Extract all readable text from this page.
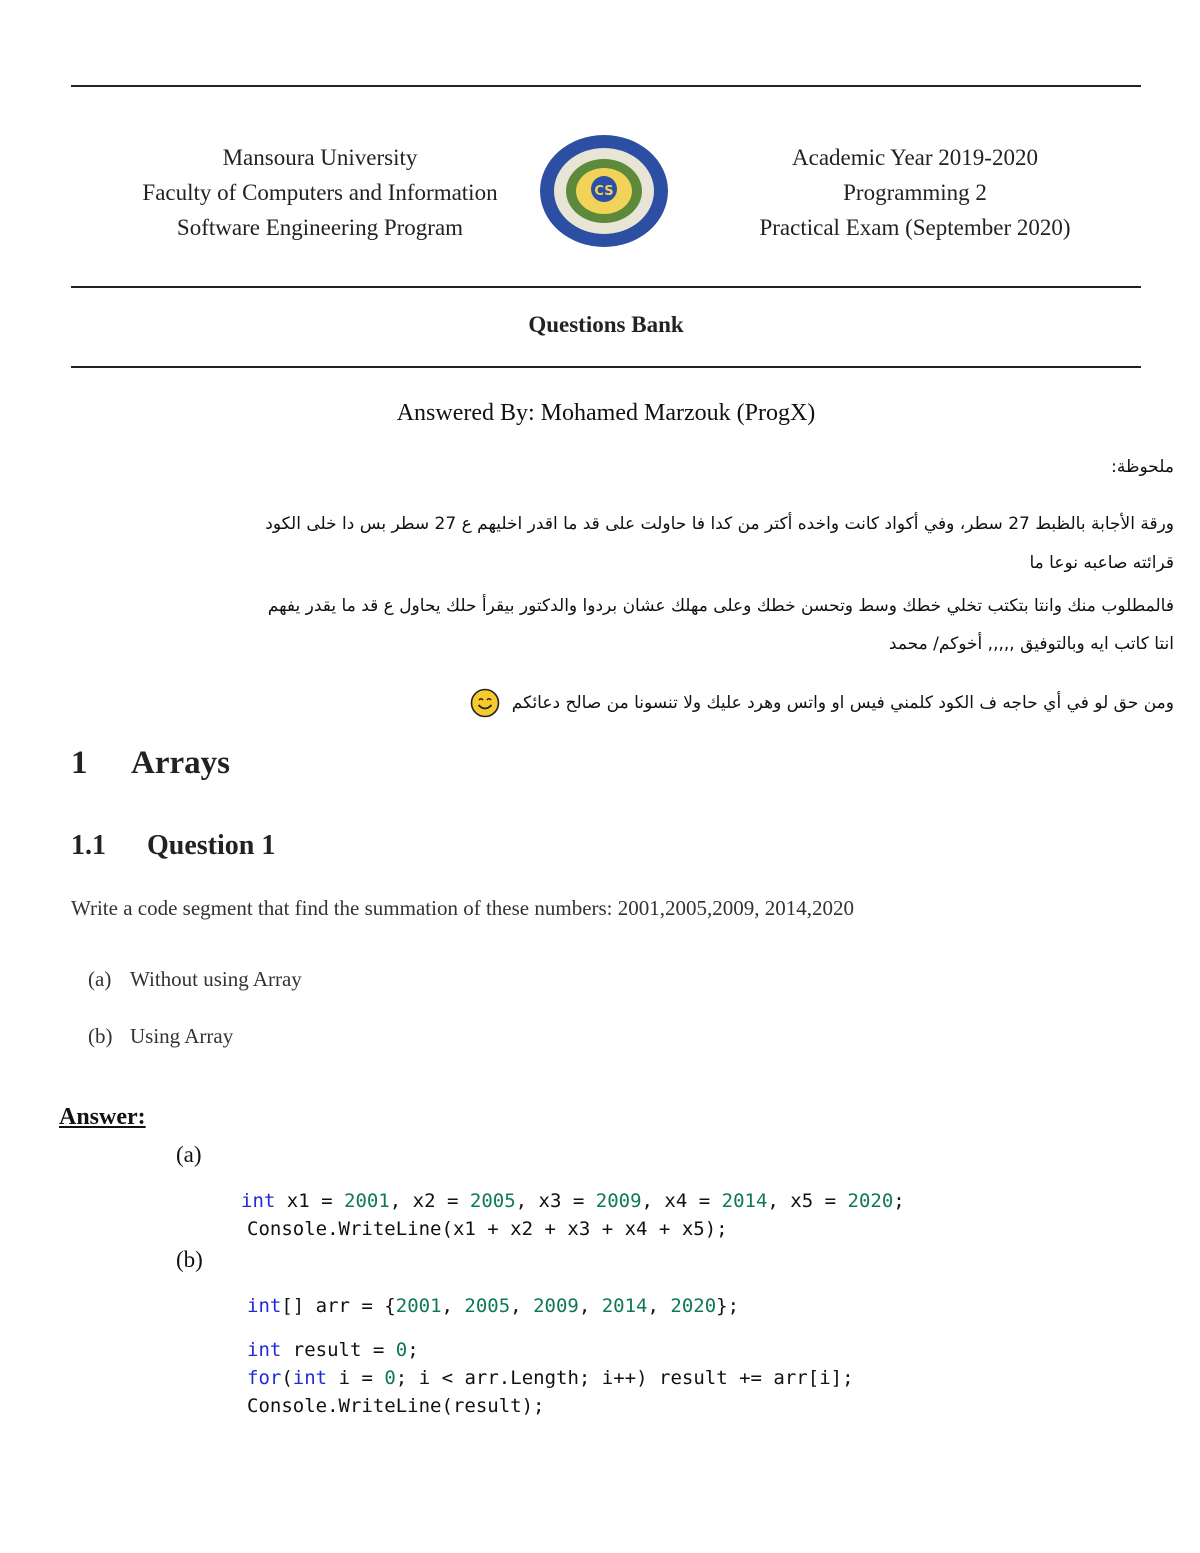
Mansoura University
Faculty of Computers and Information
Software Engineering Program
CS
Academic Year 2019-2020
Programming 2
Practical Exam (September 2020)
Questions Bank
Answered By: Mohamed Marzouk (ProgX)
ملحوظة:
ورقة الأجابة بالظبط 27 سطر، وفي أكواد كانت واخده أكتر من كدا فا حاولت على قد ما اقدر اخليهم ع 27 سطر بس دا خلى الكود
قرائته صاعبه نوعا ما
فالمطلوب منك وانتا بتكتب تخلي خطك وسط وتحسن خطك وعلى مهلك عشان بردوا والدكتور بيقرأ حلك يحاول ع قد ما يقدر يفهم
انتا كاتب ايه وبالتوفيق ,,,,, أخوكم/ محمد
ومن حق لو في أي حاجه ف الكود كلمني فيس او واتس وهرد عليك ولا تنسونا من صالح دعائكم
1 Arrays
1.1 Question 1
Write a code segment that find the summation of these numbers: 2001,2005,2009, 2014,2020
(a) Without using Array
(b) Using Array
Answer:
(a)
int x1 = 2001, x2 = 2005, x3 = 2009, x4 = 2014, x5 = 2020;
Console.WriteLine(x1 + x2 + x3 + x4 + x5);
(b)
int[] arr = {2001, 2005, 2009, 2014, 2020};
int result = 0;
for(int i = 0; i < arr.Length; i++) result += arr[i];
Console.WriteLine(result);
